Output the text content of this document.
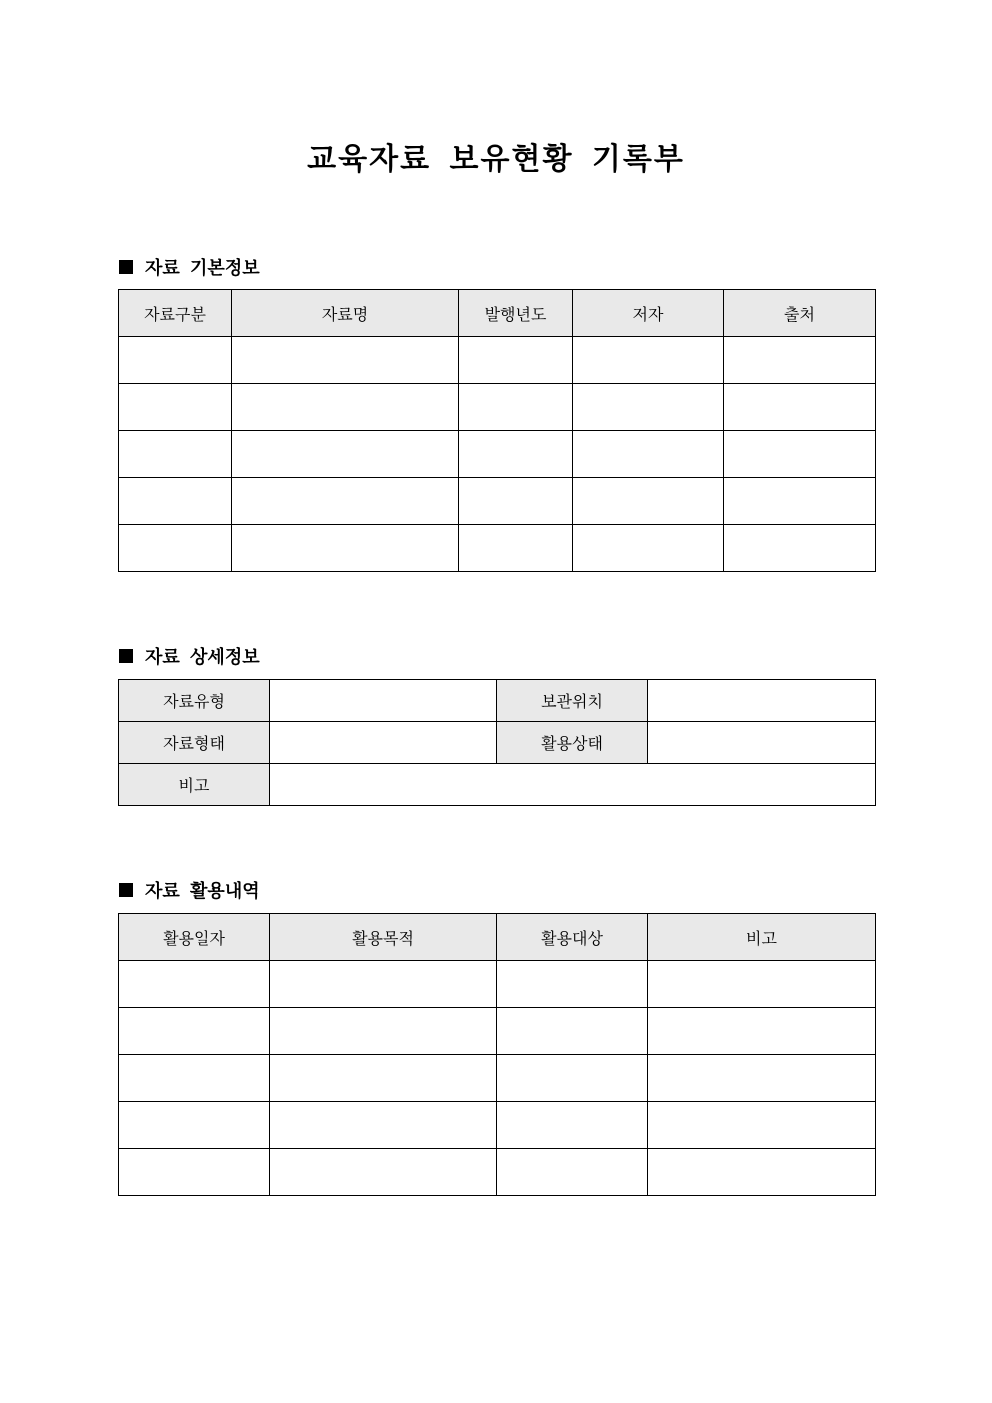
교육자료 보유현황 기록부
자료 기본정보
자료구분	자료명	발행년도	저자	출처

자료 상세정보
자료유형		보관위치	
자료형태		활용상태	
비고			
자료 활용내역
활용일자	활용목적	활용대상	비고
